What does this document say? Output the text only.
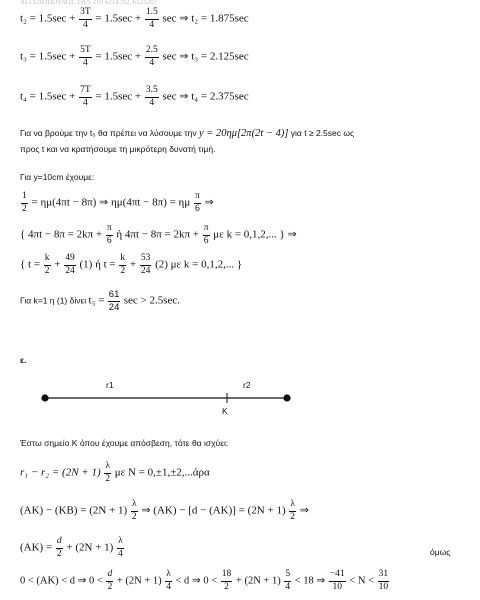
ΑΓΓΕΛΟΠΟΥΛΟΣ ΤΗΛ 210 6214792, 6121207
$t_2 = 1.5\sec + \frac{3T}{4} = 1.5\sec + \frac{1.5}{4}$ sec ⇒ t₂ = 1.875sec
$t_3 = 1.5\sec + \frac{5T}{4} = 1.5\sec + \frac{2.5}{4}$ sec ⇒ t₃ = 2.125sec
$t_4 = 1.5\sec + \frac{7T}{4} = 1.5\sec + \frac{3.5}{4}$ sec ⇒ t₄ = 2.375sec
Για να βρούμε την t₅ θα πρέπει να λύσουμε την y = 20ημ[2π(2t − 4)] για t ≥ 2.5sec ως
προς t και να κρατήσουμε τη μικρότερη δυνατή τιμή.
Για y=10cm έχουμε:
$\frac{1}{2} = \eta\mu(4\pi t - 8\pi)$ ⇒ ημ(4πt − 8π) = ημ $\frac{\pi}{6}$ ⇒
{ $4\pi t - 8\pi = 2k\pi + \frac{\pi}{6}$ ή $4\pi t - 8\pi = 2k\pi + \frac{\pi}{6}$ με k = 0,1,2,... } ⇒
{ $t = \frac{k}{2} + \frac{49}{24} (1)$ ή $t = \frac{k}{2} + \frac{53}{24} (2)$ με k = 0,1,2,... }
Για k=1 η (1) δίνει $t_5 = \frac{61}{24}$ sec > 2.5sec.
ε.
r1	r2
K
Έστω σημείο Κ όπου έχουμε απόσβεση, τότε θα ισχύει:
$r_1 - r_2 = (2N + 1) \frac{\lambda}{2}$ με N = 0,±1,±2,...άρα
$(AK) - (KB) = (2N + 1) \frac{\lambda}{2}$ ⇒ $(AK) - [d - (AK)] = (2N + 1) \frac{\lambda}{2}$ ⇒
$(AK) = \frac{d}{2} + (2N + 1) \frac{\lambda}{4}$	όμως
0 < (AK) < d ⇒ $0 < \frac{d}{2} + (2N + 1) \frac{\lambda}{4} < d$ ⇒ $0 < \frac{18}{2} + (2N + 1) \frac{5}{4} < 18$ ⇒ $\frac{-41}{10} < N < \frac{31}{10}$
